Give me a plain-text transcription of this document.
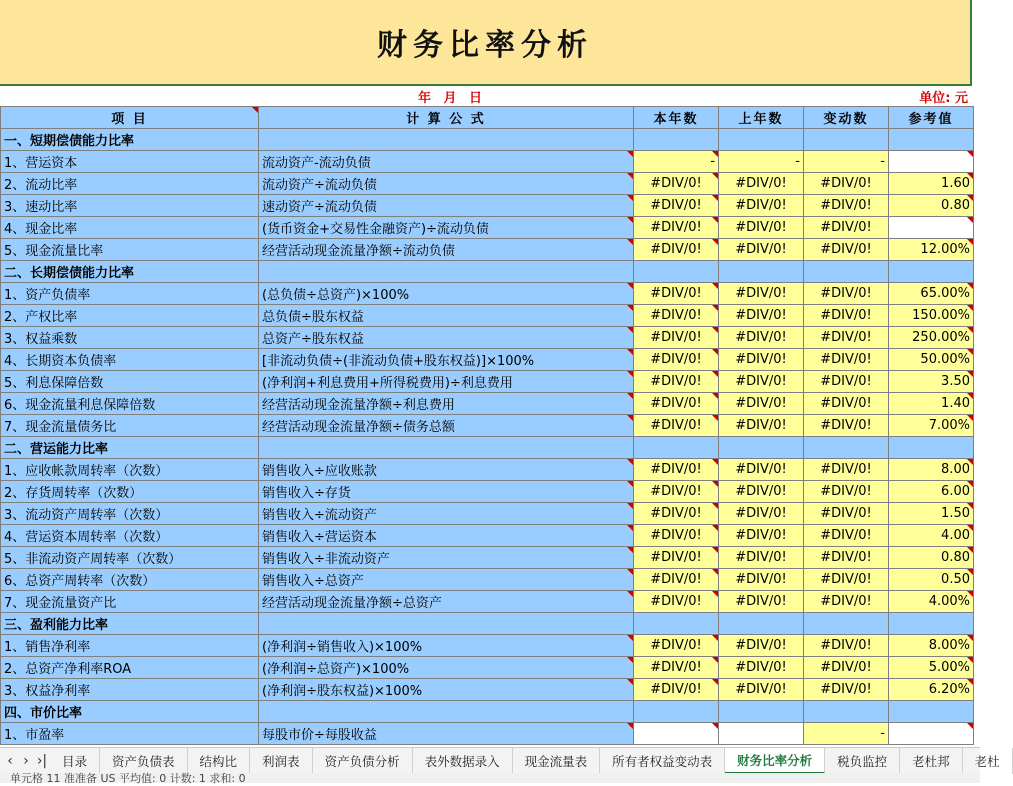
财务比率分析
年 月 日	单位: 元
项 目	计 算 公 式	本年数	上年数	变动数	参考值
一、短期偿债能力比率					
1、营运资本	流动资产-流动负债	-	-	-	
2、流动比率	流动资产÷流动负债	#DIV/0!	#DIV/0!	#DIV/0!	1.60
3、速动比率	速动资产÷流动负债	#DIV/0!	#DIV/0!	#DIV/0!	0.80
4、现金比率	(货币资金+交易性金融资产)÷流动负债	#DIV/0!	#DIV/0!	#DIV/0!	
5、现金流量比率	经营活动现金流量净额÷流动负债	#DIV/0!	#DIV/0!	#DIV/0!	12.00%
二、长期偿债能力比率					
1、资产负债率	(总负债÷总资产)×100%	#DIV/0!	#DIV/0!	#DIV/0!	65.00%
2、产权比率	总负债÷股东权益	#DIV/0!	#DIV/0!	#DIV/0!	150.00%
3、权益乘数	总资产÷股东权益	#DIV/0!	#DIV/0!	#DIV/0!	250.00%
4、长期资本负债率	[非流动负债÷(非流动负债+股东权益)]×100%	#DIV/0!	#DIV/0!	#DIV/0!	50.00%
5、利息保障倍数	(净利润+利息费用+所得税费用)÷利息费用	#DIV/0!	#DIV/0!	#DIV/0!	3.50
6、现金流量利息保障倍数	经营活动现金流量净额÷利息费用	#DIV/0!	#DIV/0!	#DIV/0!	1.40
7、现金流量债务比	经营活动现金流量净额÷债务总额	#DIV/0!	#DIV/0!	#DIV/0!	7.00%
二、营运能力比率					
1、应收帐款周转率（次数）	销售收入÷应收账款	#DIV/0!	#DIV/0!	#DIV/0!	8.00
2、存货周转率（次数）	销售收入÷存货	#DIV/0!	#DIV/0!	#DIV/0!	6.00
3、流动资产周转率（次数）	销售收入÷流动资产	#DIV/0!	#DIV/0!	#DIV/0!	1.50
4、营运资本周转率（次数）	销售收入÷营运资本	#DIV/0!	#DIV/0!	#DIV/0!	4.00
5、非流动资产周转率（次数）	销售收入÷非流动资产	#DIV/0!	#DIV/0!	#DIV/0!	0.80
6、总资产周转率（次数）	销售收入÷总资产	#DIV/0!	#DIV/0!	#DIV/0!	0.50
7、现金流量资产比	经营活动现金流量净额÷总资产	#DIV/0!	#DIV/0!	#DIV/0!	4.00%
三、盈利能力比率					
1、销售净利率	(净利润÷销售收入)×100%	#DIV/0!	#DIV/0!	#DIV/0!	8.00%
2、总资产净利率ROA	(净利润÷总资产)×100%	#DIV/0!	#DIV/0!	#DIV/0!	5.00%
3、权益净利率	(净利润÷股东权益)×100%	#DIV/0!	#DIV/0!	#DIV/0!	6.20%
四、市价比率					
1、市盈率	每股市价÷每股收益			-	
‹ › ›|	目录	资产负债表	结构比	利润表	资产负债分析	表外数据录入	现金流量表	所有者权益变动表	财务比率分析	税负监控	老杜邦	老杜
单元格 11 准准备 US 平均值: 0 计数: 1 求和: 0
